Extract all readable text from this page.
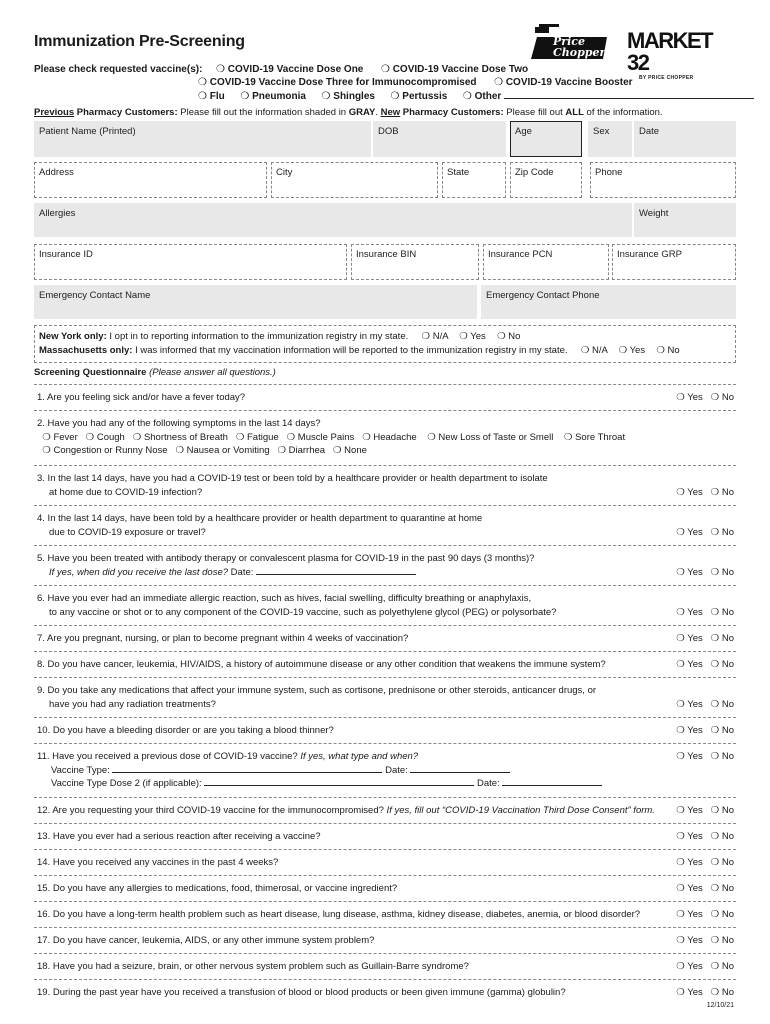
Immunization Pre-Screening	Price Chopper MARKET 32
BY PRICE CHOPPER
Please check requested vaccine(s): ❍ COVID-19 Vaccine Dose One ❍ COVID-19 Vaccine Dose Two
❍ COVID-19 Vaccine Dose Three for Immunocompromised ❍ COVID-19 Vaccine Booster
❍ Flu ❍ Pneumonia ❍ Shingles ❍ Pertussis ❍ Other
Previous Pharmacy Customers: Please fill out the information shaded in GRAY. New Pharmacy Customers: Please fill out ALL of the information.
Patient Name (Printed)	DOB	Age	Sex	Date
Address	City	State	Zip Code	Phone
Allergies	Weight
Insurance ID	Insurance BIN	Insurance PCN	Insurance GRP
Emergency Contact Name	Emergency Contact Phone
New York only: I opt in to reporting information to the immunization registry in my state. ❍ N/A ❍ Yes ❍ No
Massachusetts only: I was informed that my vaccination information will be reported to the immunization registry in my state. ❍ N/A ❍ Yes ❍ No
Screening Questionnaire (Please answer all questions.)
1. Are you feeling sick and/or have a fever today?	❍ Yes ❍ No
2. Have you had any of the following symptoms in the last 14 days?
❍ Fever ❍ Cough ❍ Shortness of Breath ❍ Fatigue ❍ Muscle Pains ❍ Headache ❍ New Loss of Taste or Smell ❍ Sore Throat
❍ Congestion or Runny Nose ❍ Nausea or Vomiting ❍ Diarrhea ❍ None
3. In the last 14 days, have you had a COVID-19 test or been told by a healthcare provider or health department to isolate
at home due to COVID-19 infection?	❍ Yes ❍ No
4. In the last 14 days, have been told by a healthcare provider or health department to quarantine at home
due to COVID-19 exposure or travel?	❍ Yes ❍ No
5. Have you been treated with antibody therapy or convalescent plasma for COVID-19 in the past 90 days (3 months)?
If yes, when did you receive the last dose? Date:	❍ Yes ❍ No
6. Have you ever had an immediate allergic reaction, such as hives, facial swelling, difficulty breathing or anaphylaxis,
to any vaccine or shot or to any component of the COVID-19 vaccine, such as polyethylene glycol (PEG) or polysorbate?	❍ Yes ❍ No
7. Are you pregnant, nursing, or plan to become pregnant within 4 weeks of vaccination?	❍ Yes ❍ No
8. Do you have cancer, leukemia, HIV/AIDS, a history of autoimmune disease or any other condition that weakens the immune system?	❍ Yes ❍ No
9. Do you take any medications that affect your immune system, such as cortisone, prednisone or other steroids, anticancer drugs, or
have you had any radiation treatments?	❍ Yes ❍ No
10. Do you have a bleeding disorder or are you taking a blood thinner?	❍ Yes ❍ No
11. Have you received a previous dose of COVID-19 vaccine? If yes, what type and when?
Vaccine Type:	Date:
Vaccine Type Dose 2 (if applicable):	Date:
❍ Yes ❍ No
12. Are you requesting your third COVID-19 vaccine for the immunocompromised? If yes, fill out “COVID-19 Vaccination Third Dose Consent” form.	❍ Yes ❍ No
13. Have you ever had a serious reaction after receiving a vaccine?	❍ Yes ❍ No
14. Have you received any vaccines in the past 4 weeks?	❍ Yes ❍ No
15. Do you have any allergies to medications, food, thimerosal, or vaccine ingredient?	❍ Yes ❍ No
16. Do you have a long-term health problem such as heart disease, lung disease, asthma, kidney disease, diabetes, anemia, or blood disorder?	❍ Yes ❍ No
17. Do you have cancer, leukemia, AIDS, or any other immune system problem?	❍ Yes ❍ No
18. Have you had a seizure, brain, or other nervous system problem such as Guillain-Barre syndrome?	❍ Yes ❍ No
19. During the past year have you received a transfusion of blood or blood products or been given immune (gamma) globulin?	❍ Yes ❍ No
12/10/21
